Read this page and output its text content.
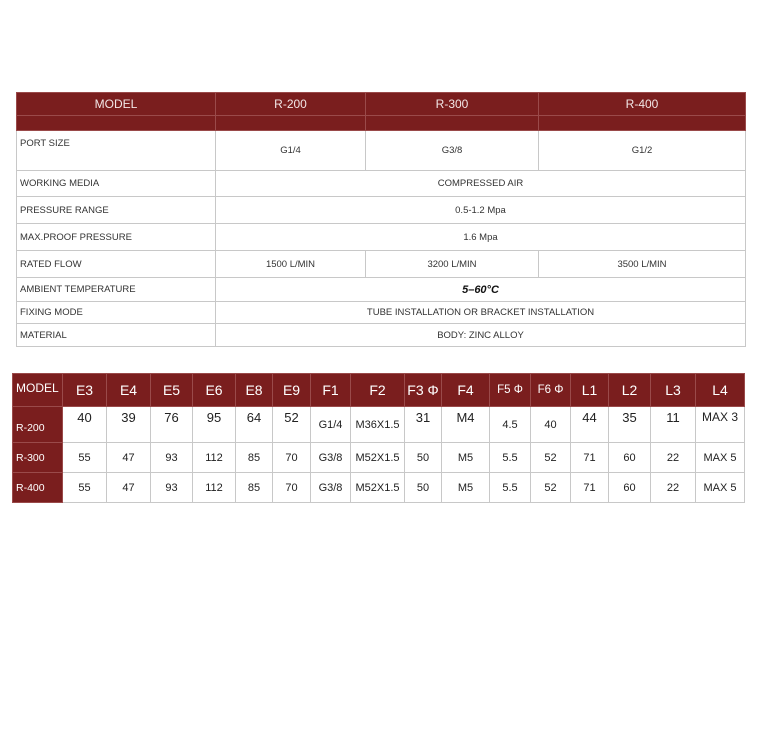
MODEL	R-200	R-300	R-400

PORT SIZE	G1/4	G3/8	G1/2
WORKING MEDIA	COMPRESSED AIR		
PRESSURE RANGE	0.5-1.2 Mpa		
MAX.PROOF PRESSURE	1.6 Mpa		
RATED FLOW	1500 L/MIN	3200 L/MIN	3500 L/MIN
AMBIENT TEMPERATURE	5–60°C		
FIXING MODE	TUBE INSTALLATION OR BRACKET INSTALLATION		
MATERIAL	BODY: ZINC ALLOY		
MODEL	E3	E4	E5	E6	E8	E9	F1	F2	F3 Φ	F4	F5 Φ	F6 Φ	L1	L2	L3	L4
R-200	40	39	76	95	64	52	G1/4	M36X1.5	31	M4	4.5	40	44	35	11	MAX 3
R-300	55	47	93	112	85	70	G3/8	M52X1.5	50	M5	5.5	52	71	60	22	MAX 5
R-400	55	47	93	112	85	70	G3/8	M52X1.5	50	M5	5.5	52	71	60	22	MAX 5
